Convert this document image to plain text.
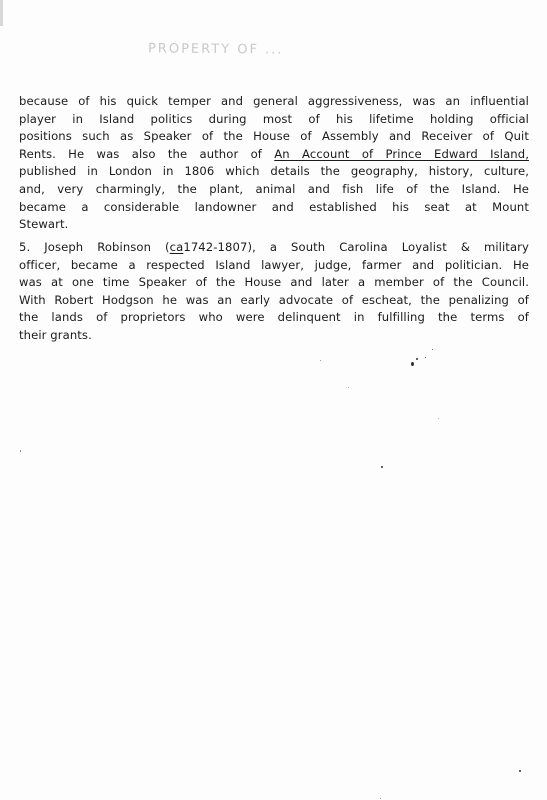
PROPERTY OF ...
because of his quick temper and general aggressiveness, was an influential
player in Island politics during most of his lifetime holding official
positions such as Speaker of the House of Assembly and Receiver of Quit
Rents. He was also the author of An Account of Prince Edward Island,
published in London in 1806 which details the geography, history, culture,
and, very charmingly, the plant, animal and fish life of the Island. He
became a considerable landowner and established his seat at Mount
Stewart.
5. Joseph Robinson (ca1742-1807), a South Carolina Loyalist & military
officer, became a respected Island lawyer, judge, farmer and politician. He
was at one time Speaker of the House and later a member of the Council.
With Robert Hodgson he was an early advocate of escheat, the penalizing of
the lands of proprietors who were delinquent in fulfilling the terms of
their grants.
